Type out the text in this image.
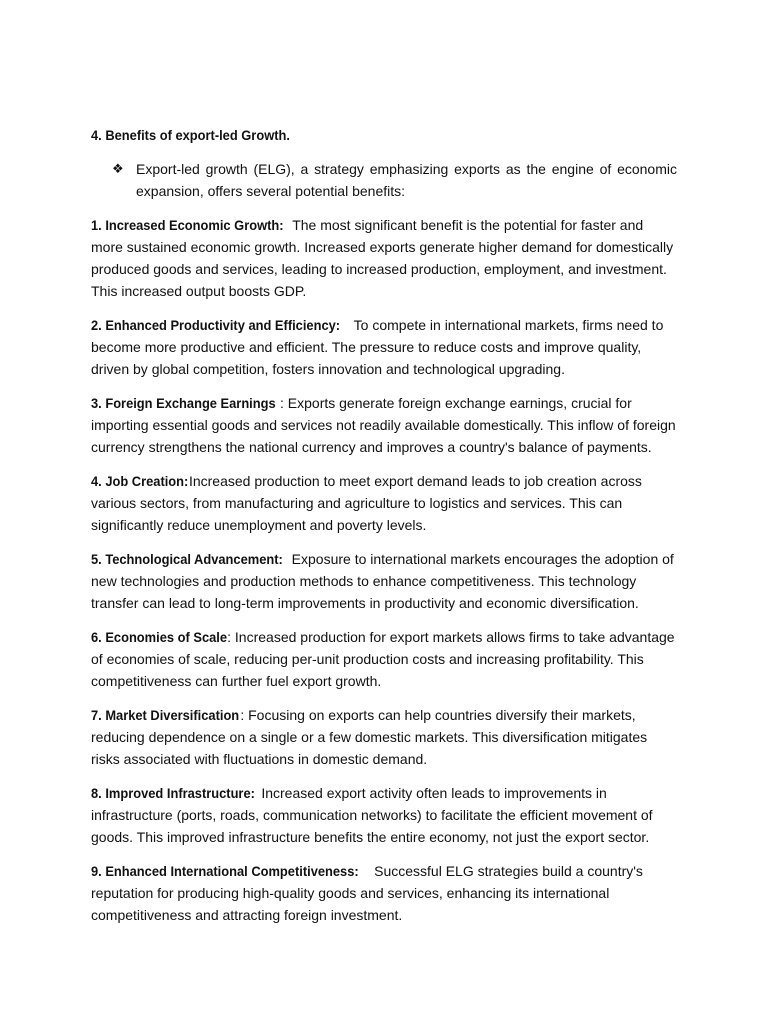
4. Benefits of export-led Growth.
❖ Export-led growth (ELG), a strategy emphasizing exports as the engine of economic expansion, offers several potential benefits:
1. Increased Economic Growth: The most significant benefit is the potential for faster and more sustained economic growth. Increased exports generate higher demand for domestically produced goods and services, leading to increased production, employment, and investment. This increased output boosts GDP.
2. Enhanced Productivity and Efficiency: To compete in international markets, firms need to become more productive and efficient. The pressure to reduce costs and improve quality, driven by global competition, fosters innovation and technological upgrading.
3. Foreign Exchange Earnings : Exports generate foreign exchange earnings, crucial for importing essential goods and services not readily available domestically. This inflow of foreign currency strengthens the national currency and improves a country's balance of payments.
4. Job Creation: Increased production to meet export demand leads to job creation across various sectors, from manufacturing and agriculture to logistics and services. This can significantly reduce unemployment and poverty levels.
5. Technological Advancement: Exposure to international markets encourages the adoption of new technologies and production methods to enhance competitiveness. This technology transfer can lead to long-term improvements in productivity and economic diversification.
6. Economies of Scale: Increased production for export markets allows firms to take advantage of economies of scale, reducing per-unit production costs and increasing profitability. This competitiveness can further fuel export growth.
7. Market Diversification: Focusing on exports can help countries diversify their markets, reducing dependence on a single or a few domestic markets. This diversification mitigates risks associated with fluctuations in domestic demand.
8. Improved Infrastructure: Increased export activity often leads to improvements in infrastructure (ports, roads, communication networks) to facilitate the efficient movement of goods. This improved infrastructure benefits the entire economy, not just the export sector.
9. Enhanced International Competitiveness: Successful ELG strategies build a country's reputation for producing high-quality goods and services, enhancing its international competitiveness and attracting foreign investment.
